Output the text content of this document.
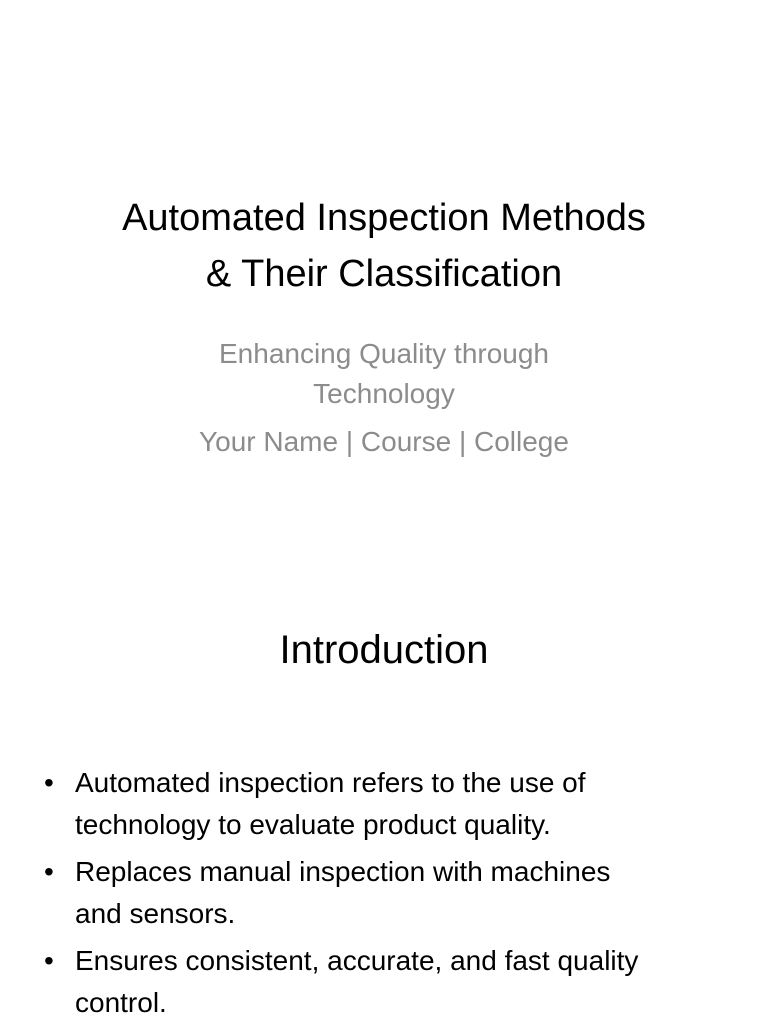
Automated Inspection Methods
& Their Classification

Enhancing Quality through
Technology

Your Name | Course | College

Introduction
• Automated inspection refers to the use of
technology to evaluate product quality.
• Replaces manual inspection with machines
and sensors.
• Ensures consistent, accurate, and fast quality
control.
